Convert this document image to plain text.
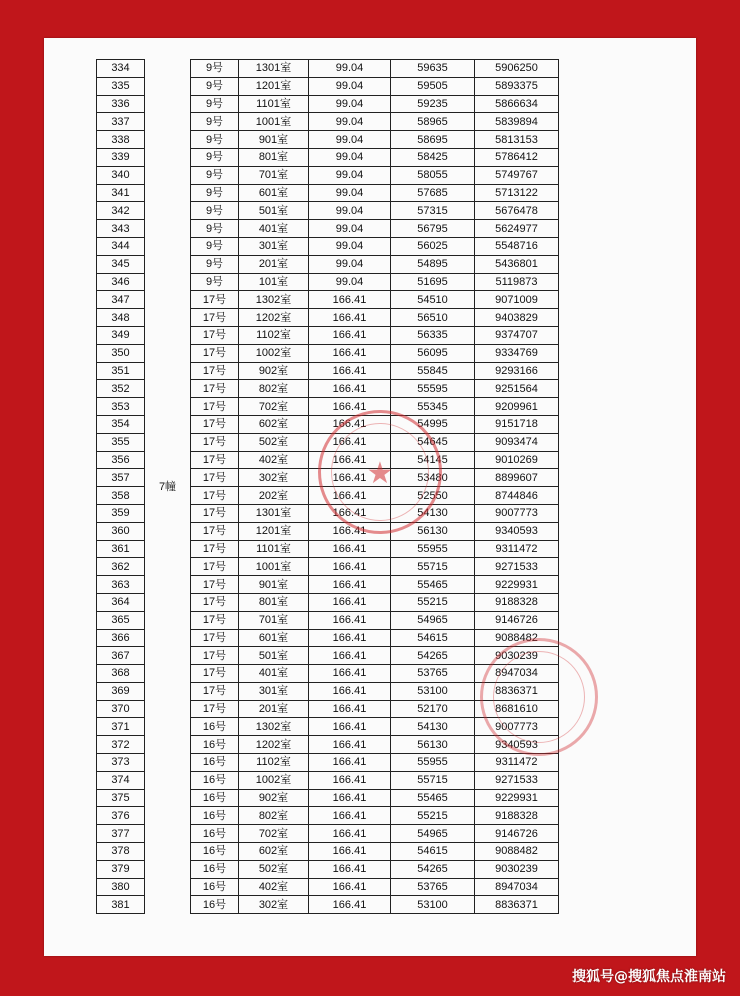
334	7幢	9号	1301室	99.04	59635	5906250
335		9号	1201室	99.04	59505	5893375
336		9号	1101室	99.04	59235	5866634
337		9号	1001室	99.04	58965	5839894
338		9号	901室	99.04	58695	5813153
339		9号	801室	99.04	58425	5786412
340		9号	701室	99.04	58055	5749767
341		9号	601室	99.04	57685	5713122
342		9号	501室	99.04	57315	5676478
343		9号	401室	99.04	56795	5624977
344		9号	301室	99.04	56025	5548716
345		9号	201室	99.04	54895	5436801
346		9号	101室	99.04	51695	5119873
347		17号	1302室	166.41	54510	9071009
348		17号	1202室	166.41	56510	9403829
349		17号	1102室	166.41	56335	9374707
350		17号	1002室	166.41	56095	9334769
351		17号	902室	166.41	55845	9293166
352		17号	802室	166.41	55595	9251564
353		17号	702室	166.41	55345	9209961
354		17号	602室	166.41	54995	9151718
355		17号	502室	166.41	54645	9093474
356		17号	402室	166.41	54145	9010269
357		17号	302室	166.41	53480	8899607
358		17号	202室	166.41	52550	8744846
359		17号	1301室	166.41	54130	9007773
360		17号	1201室	166.41	56130	9340593
361		17号	1101室	166.41	55955	9311472
362		17号	1001室	166.41	55715	9271533
363		17号	901室	166.41	55465	9229931
364		17号	801室	166.41	55215	9188328
365		17号	701室	166.41	54965	9146726
366		17号	601室	166.41	54615	9088482
367		17号	501室	166.41	54265	9030239
368		17号	401室	166.41	53765	8947034
369		17号	301室	166.41	53100	8836371
370		17号	201室	166.41	52170	8681610
371		16号	1302室	166.41	54130	9007773
372		16号	1202室	166.41	56130	9340593
373		16号	1102室	166.41	55955	9311472
374		16号	1002室	166.41	55715	9271533
375		16号	902室	166.41	55465	9229931
376		16号	802室	166.41	55215	9188328
377		16号	702室	166.41	54965	9146726
378		16号	602室	166.41	54615	9088482
379		16号	502室	166.41	54265	9030239
380		16号	402室	166.41	53765	8947034
381		16号	302室	166.41	53100	8836371
★
搜狐号@搜狐焦点淮南站
